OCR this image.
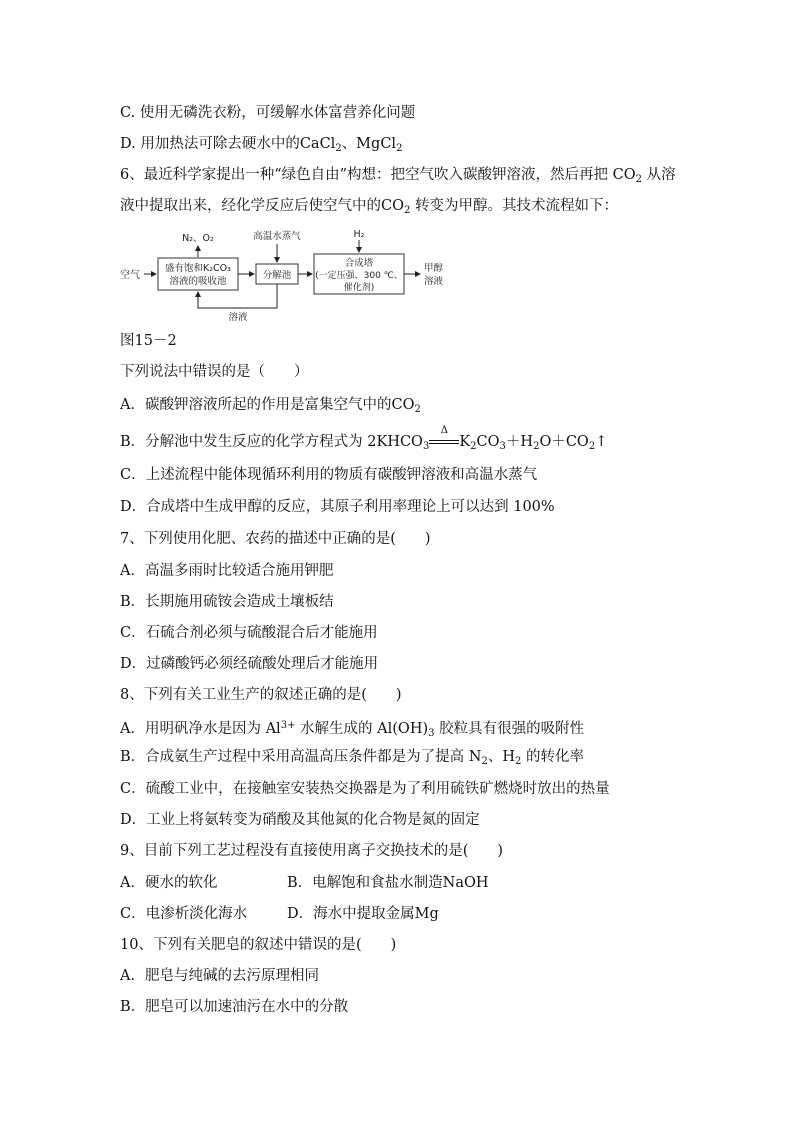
C. 使用无磷洗衣粉，可缓解水体富营养化问题
D. 用加热法可除去硬水中的CaCl$_2$、MgCl$_2$
6、最近科学家提出一种“绿色自由”构想：把空气吹入碳酸钾溶液，然后再把 $CO_2$ 从溶
液中提取出来，经化学反应后使空气中的$CO_2$ 转变为甲醇。其技术流程如下：
空气
盛有饱和K₂CO₃
溶液的吸收池
N₂、O₂
分解池
高温水蒸气
合成塔
(一定压强、300 ℃、
催化剂)
H₂
甲醇
溶液
溶液
图15－2
下列说法中错误的是（　　）
A．碳酸钾溶液所起的作用是富集空气中的$CO_2$
B．分解池中发生反应的化学方程式为 $2KHCO_3$
Δ
$K_2CO_3+H_2O+CO_2↑$
C．上述流程中能体现循环利用的物质有碳酸钾溶液和高温水蒸气
D．合成塔中生成甲醇的反应，其原子利用率理论上可以达到 100%
7、下列使用化肥、农药的描述中正确的是(　　)
A．高温多雨时比较适合施用钾肥
B．长期施用硫铵会造成土壤板结
C．石硫合剂必须与硫酸混合后才能施用
D．过磷酸钙必须经硫酸处理后才能施用
8、下列有关工业生产的叙述正确的是(　　)
A．用明矾净水是因为 $Al^{3+}$ 水解生成的 $Al(OH)_3$ 胶粒具有很强的吸附性
B．合成氨生产过程中采用高温高压条件都是为了提高 $N_2$、$H_2$ 的转化率
C．硫酸工业中，在接触室安装热交换器是为了利用硫铁矿燃烧时放出的热量
D．工业上将氨转变为硝酸及其他氮的化合物是氮的固定
9、目前下列工艺过程没有直接使用离子交换技术的是(　　)
A．硬水的软化	B．电解饱和食盐水制造NaOH
C．电渗析淡化海水	D．海水中提取金属Mg
10、下列有关肥皂的叙述中错误的是(　　)
A．肥皂与纯碱的去污原理相同
B．肥皂可以加速油污在水中的分散
